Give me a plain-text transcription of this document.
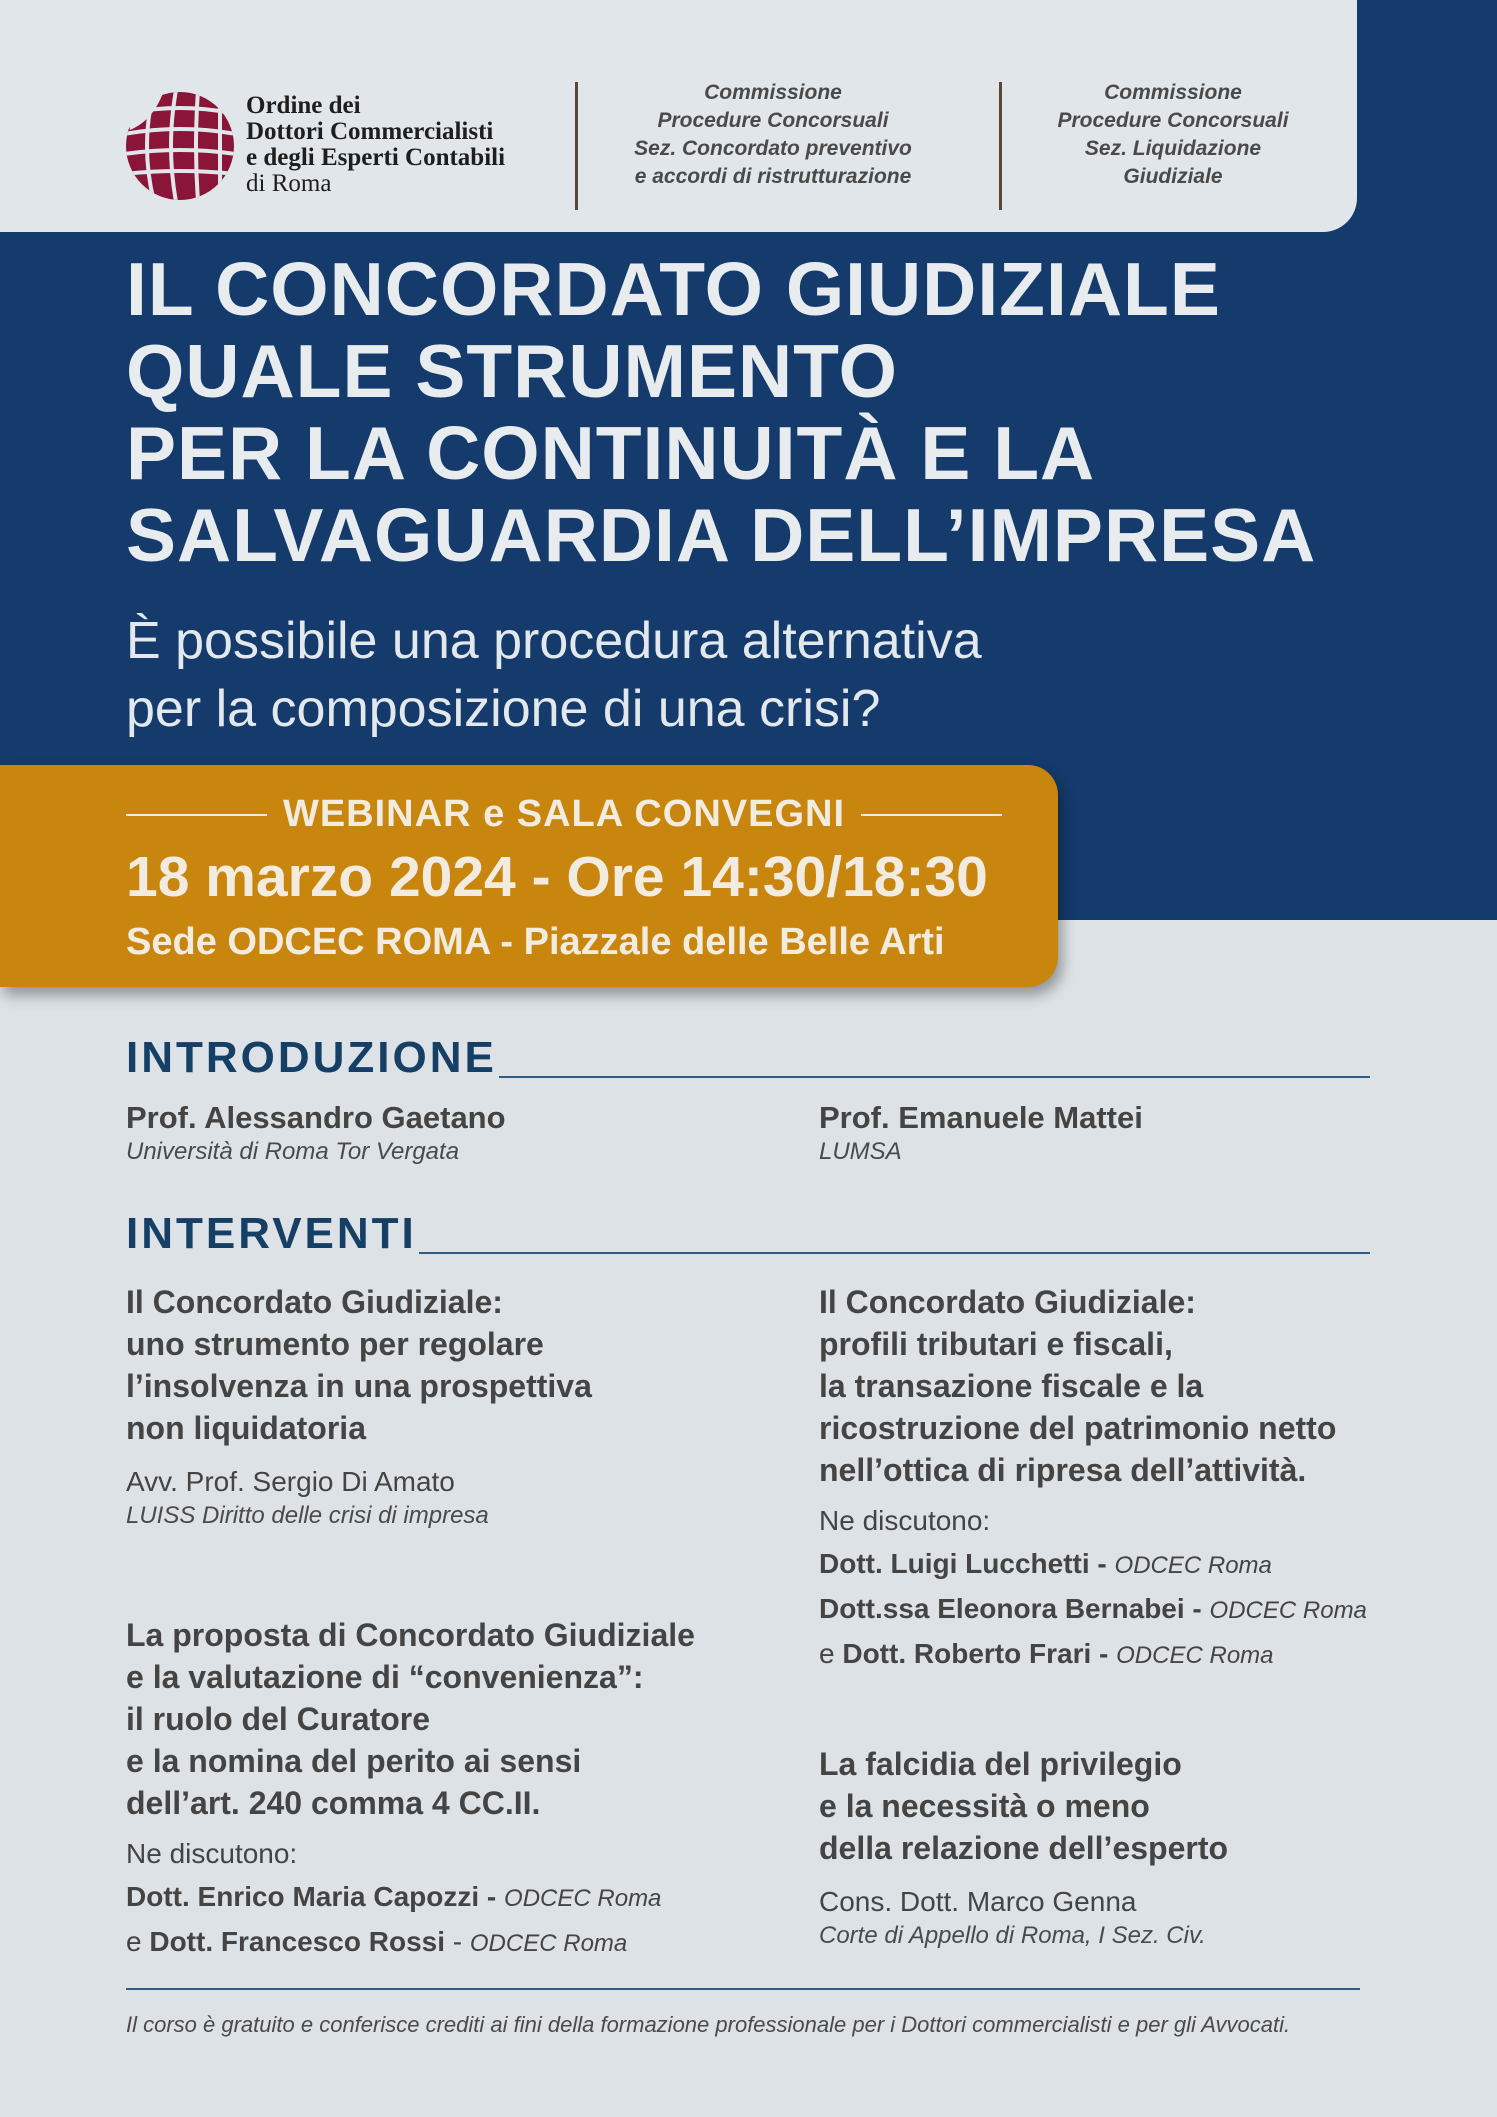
Ordine dei
Dottori Commercialisti
e degli Esperti Contabili
di Roma
Commissione
Procedure Concorsuali
Sez. Concordato preventivo
e accordi di ristrutturazione
Commissione
Procedure Concorsuali
Sez. Liquidazione
Giudiziale
IL CONCORDATO GIUDIZIALE
QUALE STRUMENTO
PER LA CONTINUITÀ E LA
SALVAGUARDIA DELL’IMPRESA
È possibile una procedura alternativa
per la composizione di una crisi?
WEBINAR e SALA CONVEGNI
18 marzo 2024 - Ore 14:30/18:30
Sede ODCEC ROMA - Piazzale delle Belle Arti
INTRODUZIONE
Prof. Alessandro Gaetano
Università di Roma Tor Vergata
Prof. Emanuele Mattei
LUMSA
INTERVENTI
Il Concordato Giudiziale:
uno strumento per regolare
l’insolvenza in una prospettiva
non liquidatoria
Avv. Prof. Sergio Di Amato
LUISS Diritto delle crisi di impresa
La proposta di Concordato Giudiziale
e la valutazione di “convenienza”:
il ruolo del Curatore
e la nomina del perito ai sensi
dell’art. 240 comma 4 CC.II.
Ne discutono:
Dott. Enrico Maria Capozzi - ODCEC Roma
e Dott. Francesco Rossi - ODCEC Roma
Il Concordato Giudiziale:
profili tributari e fiscali,
la transazione fiscale e la
ricostruzione del patrimonio netto
nell’ottica di ripresa dell’attività.
Ne discutono:
Dott. Luigi Lucchetti - ODCEC Roma
Dott.ssa Eleonora Bernabei - ODCEC Roma
e Dott. Roberto Frari - ODCEC Roma
La falcidia del privilegio
e la necessità o meno
della relazione dell’esperto
Cons. Dott. Marco Genna
Corte di Appello di Roma, I Sez. Civ.
Il corso è gratuito e conferisce crediti ai fini della formazione professionale per i Dottori commercialisti e per gli Avvocati.
